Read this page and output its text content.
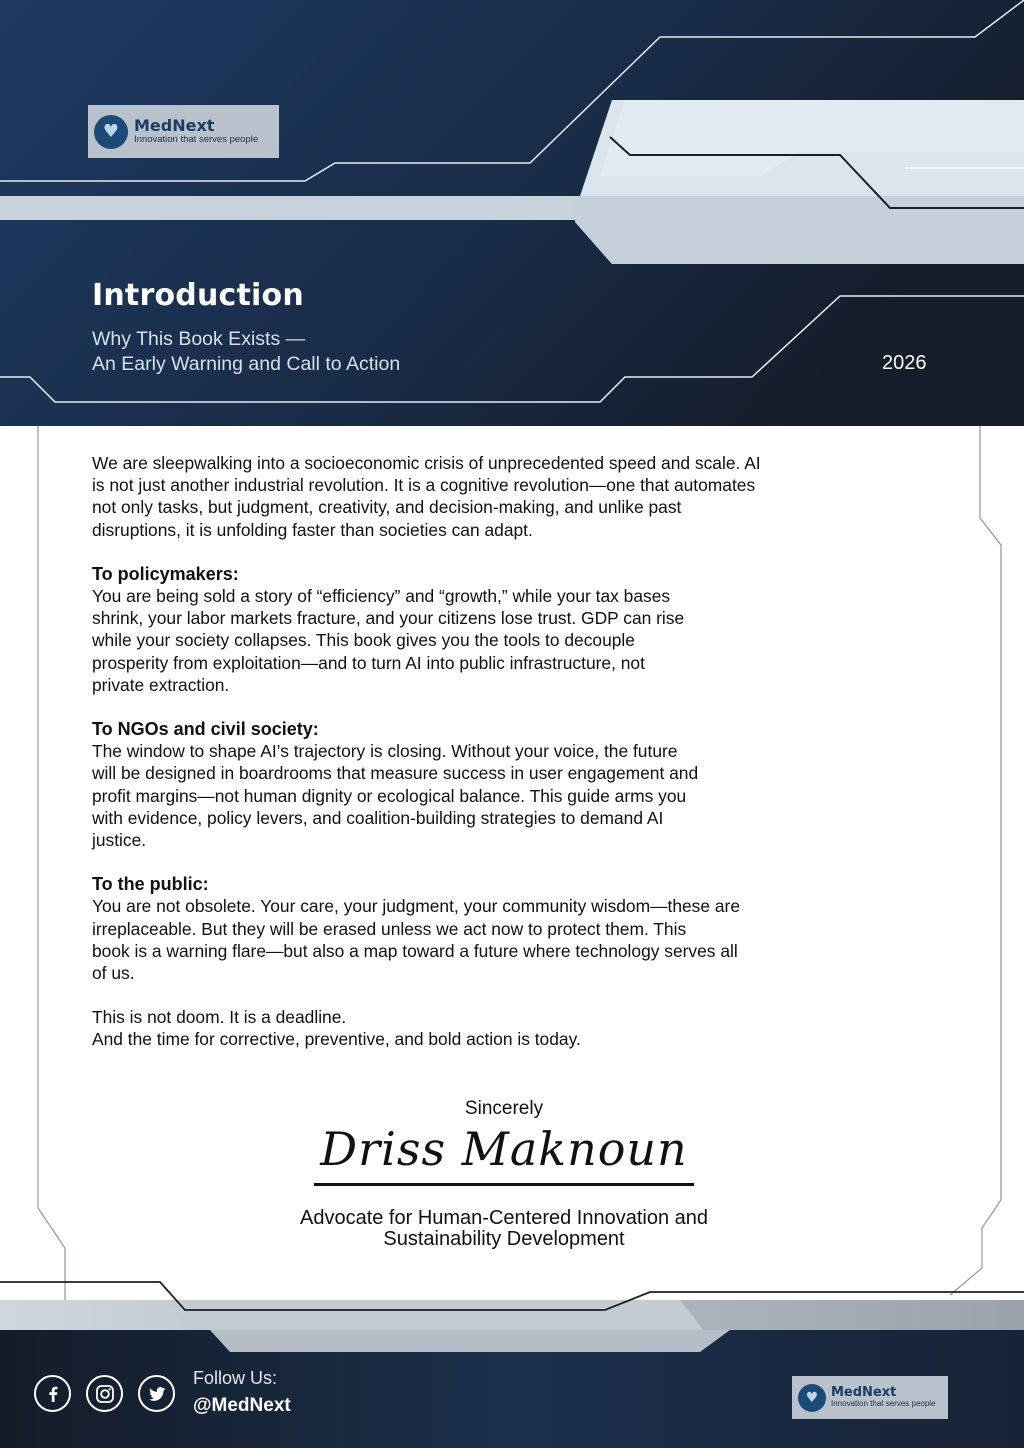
♥ MedNext
Innovation that serves people
Introduction
Why This Book Exists —
An Early Warning and Call to Action	2026

We are sleepwalking into a socioeconomic crisis of unprecedented speed and scale. AI
is not just another industrial revolution. It is a cognitive revolution—one that automates
not only tasks, but judgment, creativity, and decision-making, and unlike past
disruptions, it is unfolding faster than societies can adapt.

To policymakers:

You are being sold a story of “efficiency” and “growth,” while your tax bases
shrink, your labor markets fracture, and your citizens lose trust. GDP can rise
while your society collapses. This book gives you the tools to decouple
prosperity from exploitation—and to turn AI into public infrastructure, not
private extraction.

To NGOs and civil society:

The window to shape AI’s trajectory is closing. Without your voice, the future
will be designed in boardrooms that measure success in user engagement and
profit margins—not human dignity or ecological balance. This guide arms you
with evidence, policy levers, and coalition-building strategies to demand AI
justice.

To the public:

You are not obsolete. Your care, your judgment, your community wisdom—these are
irreplaceable. But they will be erased unless we act now to protect them. This
book is a warning flare—but also a map toward a future where technology serves all
of us.

This is not doom. It is a deadline.
And the time for corrective, preventive, and bold action is today.

Sincerely
Driss Maknoun
Advocate for Human-Centered Innovation and
Sustainability Development
Follow Us:
@MedNext	♥ MedNext
Innovation that serves people
